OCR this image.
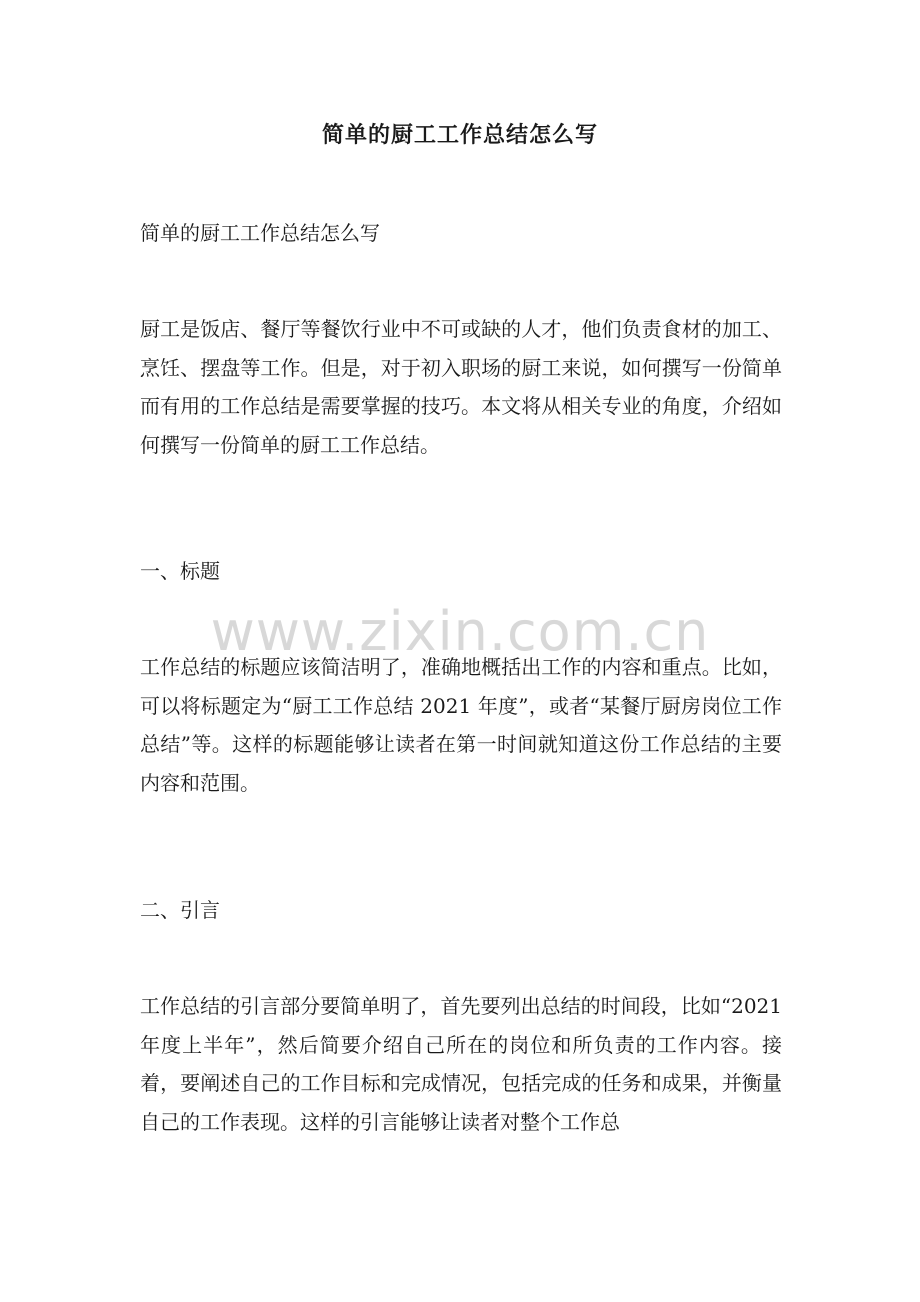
简单的厨工工作总结怎么写

简单的厨工工作总结怎么写

厨工是饭店、餐厅等餐饮行业中不可或缺的人才，他们负责食材的加工、烹饪、摆盘等工作。但是，对于初入职场的厨工来说，如何撰写一份简单而有用的工作总结是需要掌握的技巧。本文将从相关专业的角度，介绍如何撰写一份简单的厨工工作总结。

一、标题

工作总结的标题应该简洁明了，准确地概括出工作的内容和重点。比如，可以将标题定为“厨工工作总结 2021 年度”，或者“某餐厅厨房岗位工作总结”等。这样的标题能够让读者在第一时间就知道这份工作总结的主要内容和范围。

二、引言

工作总结的引言部分要简单明了，首先要列出总结的时间段，比如“2021 年度上半年”，然后简要介绍自己所在的岗位和所负责的工作内容。接着，要阐述自己的工作目标和完成情况，包括完成的任务和成果，并衡量自己的工作表现。这样的引言能够让读者对整个工作总

www.zixin.com.cn
